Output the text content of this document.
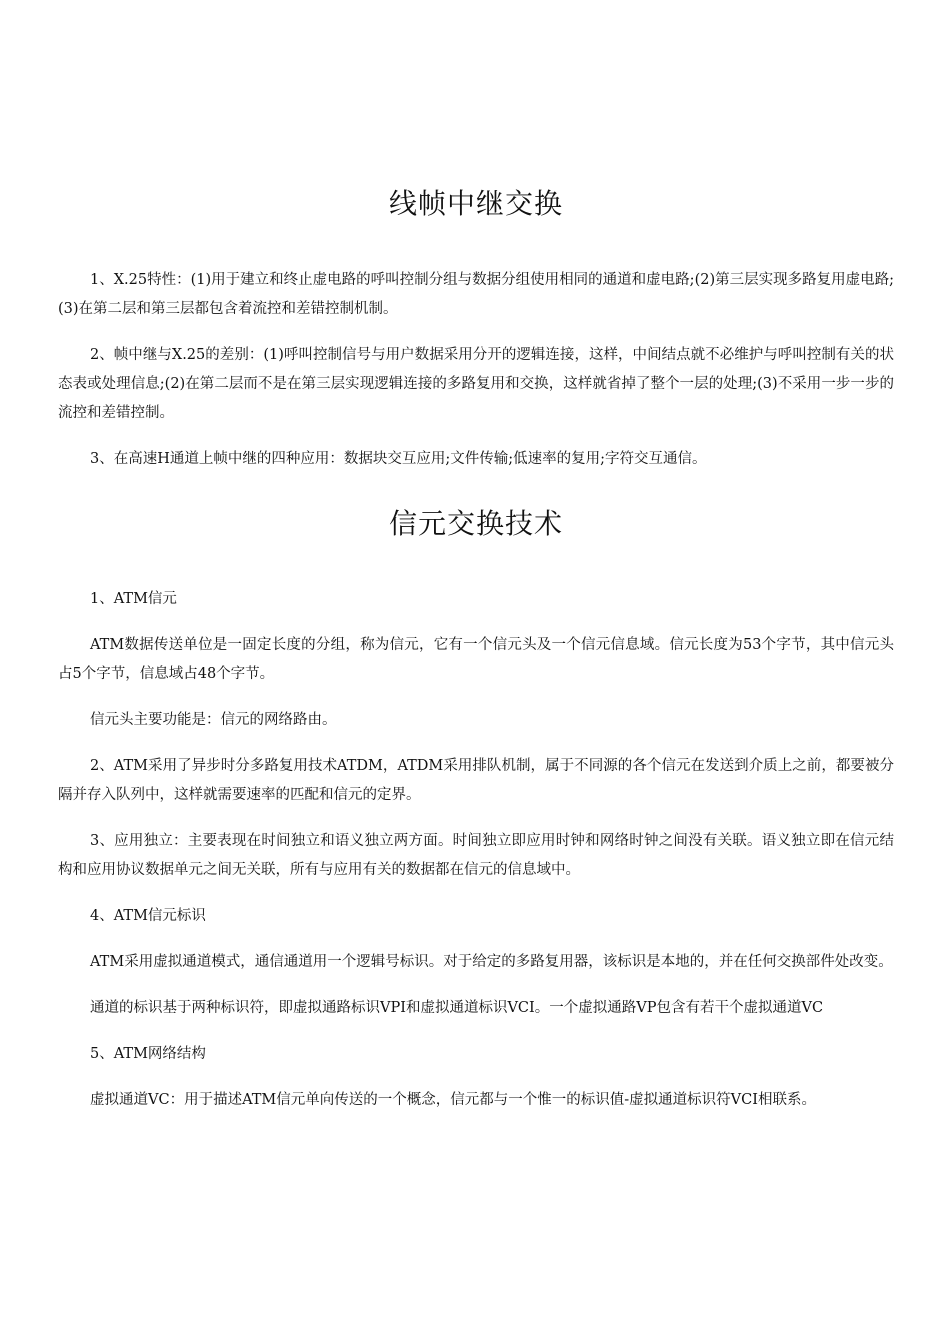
线帧中继交换

1、X.25特性：(1)用于建立和终止虚电路的呼叫控制分组与数据分组使用相同的通道和虚电路;(2)第三层实现多路复用虚电路;(3)在第二层和第三层都包含着流控和差错控制机制。

2、帧中继与X.25的差别：(1)呼叫控制信号与用户数据采用分开的逻辑连接，这样，中间结点就不必维护与呼叫控制有关的状态表或处理信息;(2)在第二层而不是在第三层实现逻辑连接的多路复用和交换，这样就省掉了整个一层的处理;(3)不采用一步一步的流控和差错控制。

3、在高速H通道上帧中继的四种应用：数据块交互应用;文件传输;低速率的复用;字符交互通信。

信元交换技术

1、ATM信元

ATM数据传送单位是一固定长度的分组，称为信元，它有一个信元头及一个信元信息域。信元长度为53个字节，其中信元头占5个字节，信息域占48个字节。

信元头主要功能是：信元的网络路由。

2、ATM采用了异步时分多路复用技术ATDM，ATDM采用排队机制，属于不同源的各个信元在发送到介质上之前，都要被分隔并存入队列中，这样就需要速率的匹配和信元的定界。

3、应用独立：主要表现在时间独立和语义独立两方面。时间独立即应用时钟和网络时钟之间没有关联。语义独立即在信元结构和应用协议数据单元之间无关联，所有与应用有关的数据都在信元的信息域中。

4、ATM信元标识

ATM采用虚拟通道模式，通信通道用一个逻辑号标识。对于给定的多路复用器，该标识是本地的，并在任何交换部件处改变。

通道的标识基于两种标识符，即虚拟通路标识VPI和虚拟通道标识VCI。一个虚拟通路VP包含有若干个虚拟通道VC

5、ATM网络结构

虚拟通道VC：用于描述ATM信元单向传送的一个概念，信元都与一个惟一的标识值-虚拟通道标识符VCI相联系。
